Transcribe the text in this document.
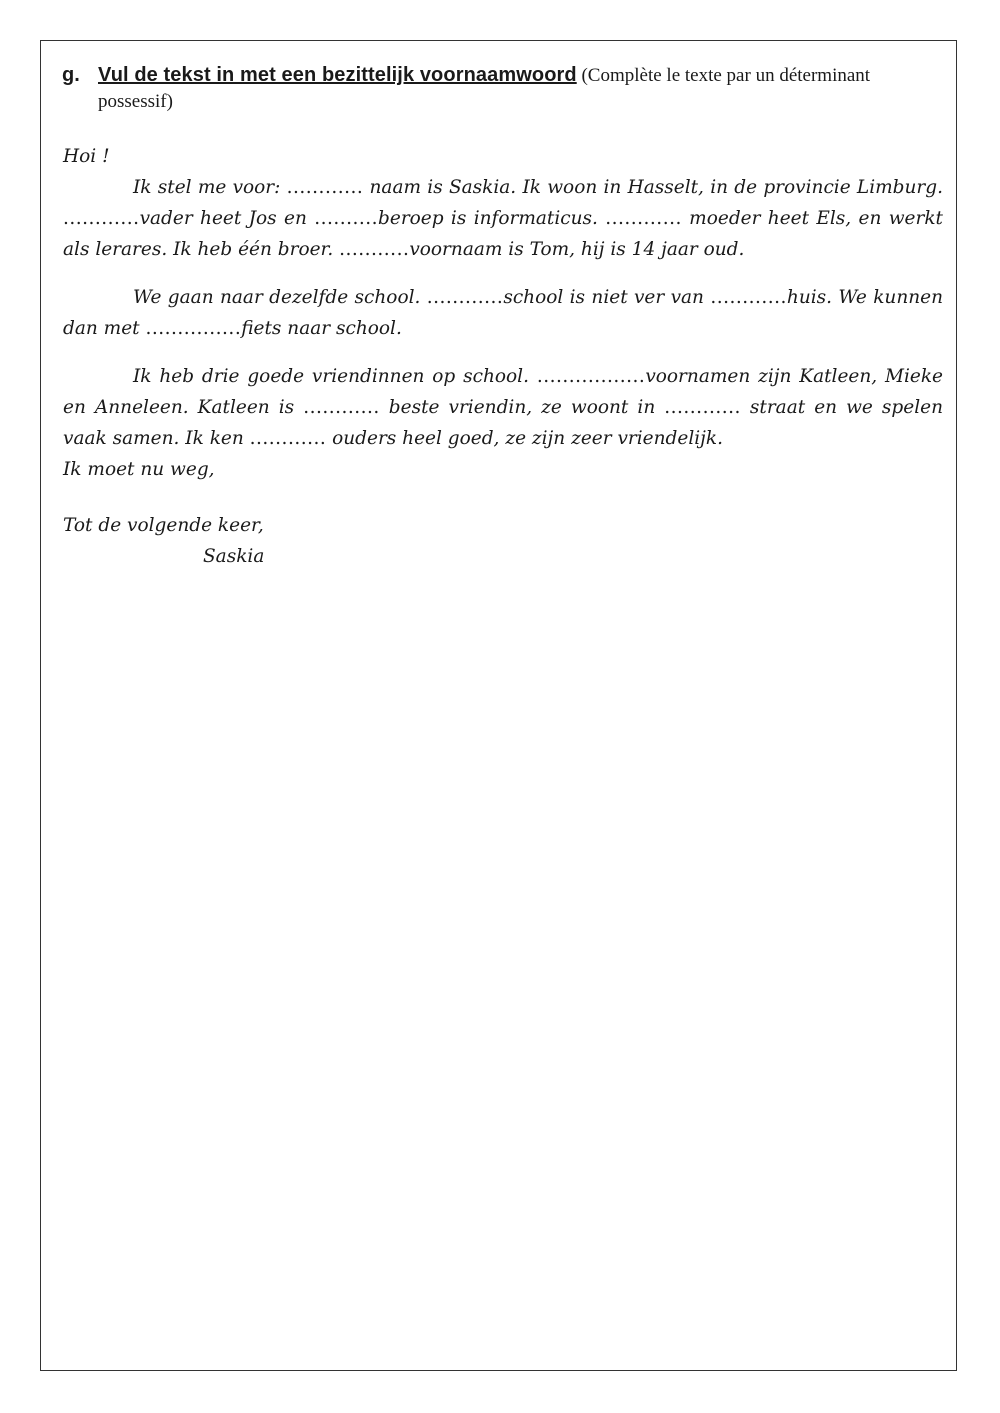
g. Vul de tekst in met een bezittelijk voornaamwoord (Complète le texte par un déterminant possessif)

Hoi !

Ik stel me voor: ............ naam is Saskia. Ik woon in Hasselt, in de provincie Limburg. ............vader heet Jos en ..........beroep is informaticus. ............ moeder heet Els, en werkt als lerares. Ik heb één broer. ...........voornaam is Tom, hij is 14 jaar oud.

We gaan naar dezelfde school. ............school is niet ver van ............huis. We kunnen dan met ...............fiets naar school.

Ik heb drie goede vriendinnen op school. .................voornamen zijn Katleen, Mieke en Anneleen. Katleen is ............ beste vriendin, ze woont in ............ straat en we spelen vaak samen. Ik ken ............ ouders heel goed, ze zijn zeer vriendelijk.

Ik moet nu weg,

Tot de volgende keer,

Saskia
